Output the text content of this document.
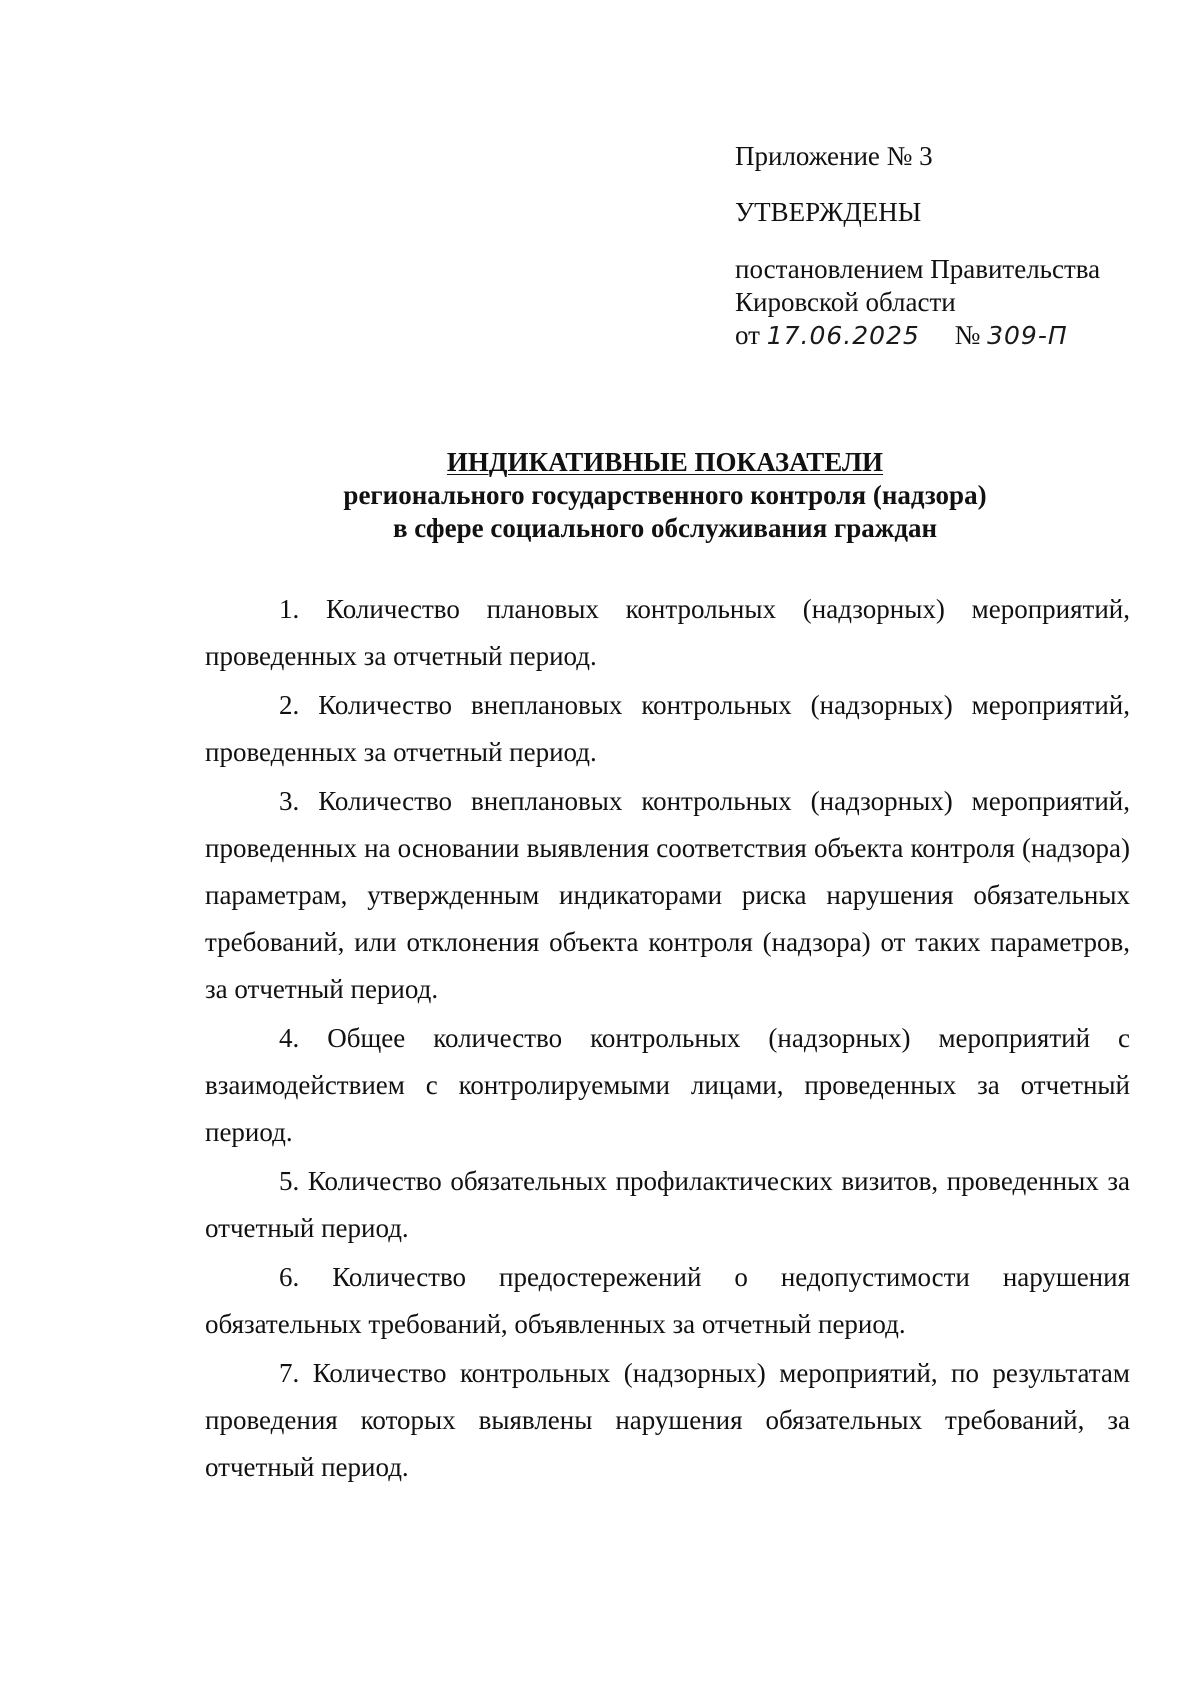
Приложение № 3
УТВЕРЖДЕНЫ
постановлением Правительства
Кировской области
от 17.06.2025 № 309-П
ИНДИКАТИВНЫЕ ПОКАЗАТЕЛИ
регионального государственного контроля (надзора)
в сфере социального обслуживания граждан

1. Количество плановых контрольных (надзорных) мероприятий, проведенных за отчетный период.

2. Количество внеплановых контрольных (надзорных) мероприятий, проведенных за отчетный период.

3. Количество внеплановых контрольных (надзорных) мероприятий, проведенных на основании выявления соответствия объекта контроля (надзора) параметрам, утвержденным индикаторами риска нарушения обязательных требований, или отклонения объекта контроля (надзора) от таких параметров, за отчетный период.

4. Общее количество контрольных (надзорных) мероприятий с взаимодействием с контролируемыми лицами, проведенных за отчетный период.

5. Количество обязательных профилактических визитов, проведенных за отчетный период.

6. Количество предостережений о недопустимости нарушения обязательных требований, объявленных за отчетный период.

7. Количество контрольных (надзорных) мероприятий, по результатам проведения которых выявлены нарушения обязательных требований, за отчетный период.
